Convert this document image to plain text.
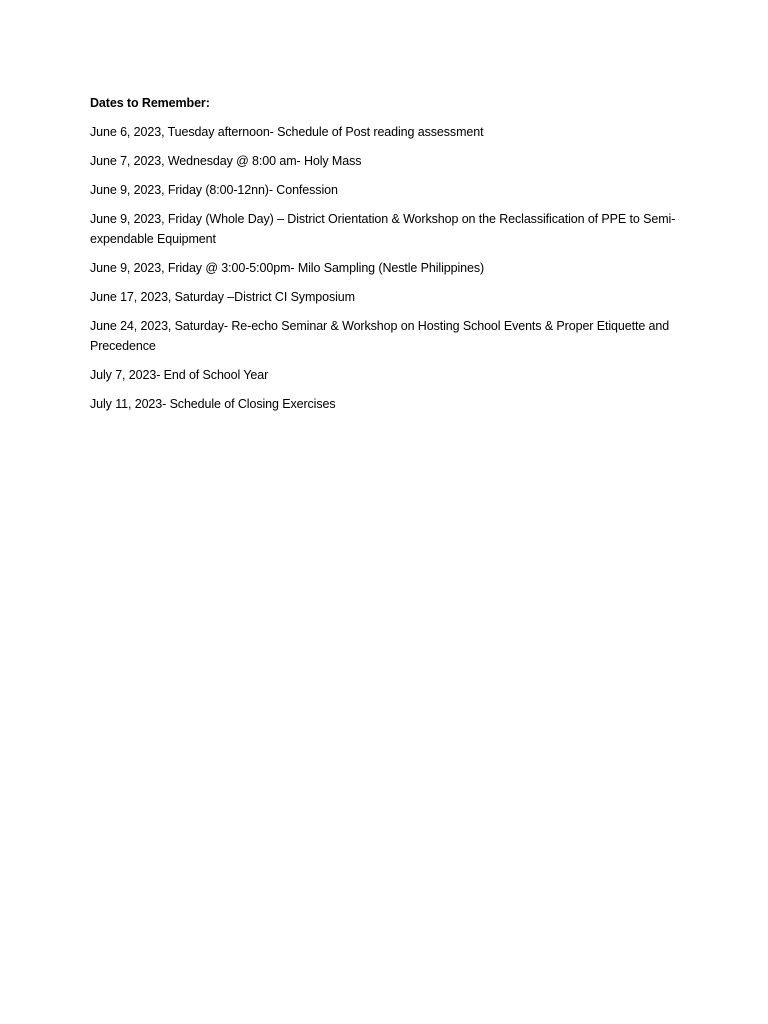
Dates to Remember:
June 6, 2023, Tuesday afternoon- Schedule of Post reading assessment
June 7, 2023, Wednesday @ 8:00 am- Holy Mass
June 9, 2023, Friday (8:00-12nn)- Confession
June 9, 2023, Friday (Whole Day) – District Orientation & Workshop on the Reclassification of PPE to Semi-expendable Equipment
June 9, 2023, Friday @ 3:00-5:00pm- Milo Sampling (Nestle Philippines)
June 17, 2023, Saturday –District CI Symposium
June 24, 2023, Saturday- Re-echo Seminar & Workshop on Hosting School Events & Proper Etiquette and Precedence
July 7, 2023- End of School Year
July 11, 2023- Schedule of Closing Exercises
